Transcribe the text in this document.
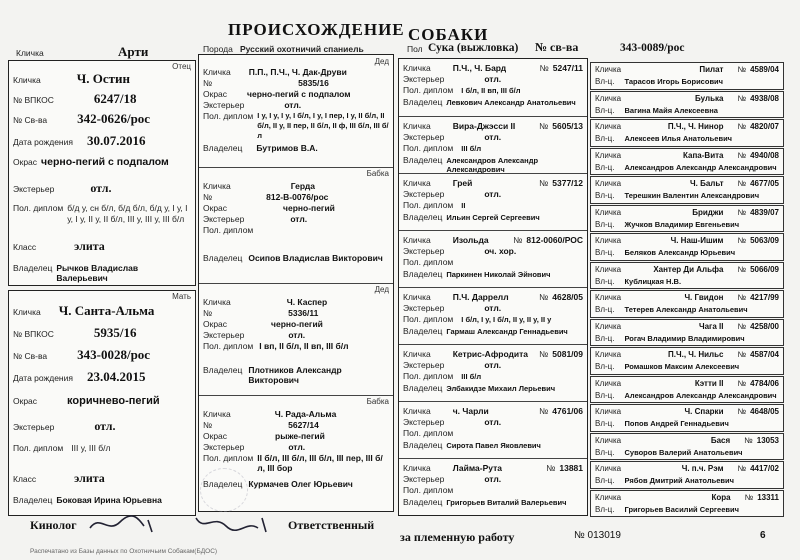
ПРОИСХОЖДЕНИЕ СОБАКИ
Кличка	Арти	Порода Русский охотничий спаниель	Пол Сука (выжловка) № св-ва	343-0089/рос
Отец
Кличка	Ч. Остин
№ ВПКОС	6247/18
№ Св-ва 342-0626/рос
Дата рождения 30.07.2016
Окрас черно-пегий с подпалом
Экстерьер	отл.
Пол. диплом б/д у, сн б/л, б/д б/л, б/д у, I у, I у, I у, II у, II б/л, III у, III у, III б/л
Класс	элита
Владелец Рычков Владислав Валерьевич
Мать
Кличка Ч. Санта-Альма
№ ВПКОС	5935/16
№ Св-ва 343-0028/рос
Дата рождения 23.04.2015
Окрас	коричнево-пегий
Экстерьер	отл.
Пол. диплом III у, III б/л
Класс	элита
Владелец Боковая Ирина Юрьевна
Дед
Кличка П.П., П.Ч., Ч. Дак-Друви
№	5835/16
Окрас черно-пегий с подпалом
Экстерьер	отл.
Пол. диплом I у, I у, I у, I б/л, I у, I пер, I у, II б/л, II б/л, II у, II пер, II б/л, II ф, III б/л, III б/л
Владелец Бутримов В.А.
Бабка
Кличка	Герда
№	812-В-0076/рос
Окрас	черно-пегий
Экстерьер	отл.
Пол. диплом
Владелец Осипов Владислав Викторович
Дед
Кличка	Ч. Каспер
№	5336/11
Окрас	черно-пегий
Экстерьер	отл.
Пол. диплом I вп, II б/л, II вп, III б/л
Владелец Плотников Александр Викторович
Бабка
Кличка	Ч. Рада-Альма
№	5627/14
Окрас	рыже-пегий
Экстерьер	отл.
Пол. диплом II б/л, III б/л, III б/л, III пер, III б/л, III бор
Владелец Курмачев Олег Юрьевич
Кличка	П.Ч., Ч. Бард	№ 5247/11
Экстерьер	отл.
Пол. диплом I б/л, II вп, III б/л
Владелец Левкович Александр Анатольевич
Кличка	Вира-Джэсси II	№ 5605/13
Экстерьер	отл.
Пол. диплом III б/л
Владелец Александров Александр Александрович
Кличка	Грей	№ 5377/12
Экстерьер	отл.
Пол. диплом II
Владелец Ильин Сергей Сергеевич
Кличка	Изольда	№ 812-0060/РОС
Экстерьер	оч. хор.
Пол. диплом
Владелец Паркинен Николай Эйнович
Кличка	П.Ч. Даррелл	№ 4628/05
Экстерьер	отл.
Пол. диплом I б/л, I у, I б/л, II у, II у, II у
Владелец Гармаш Александр Геннадьевич
Кличка	Кетрис-Афродита № 5081/09
Экстерьер	отл.
Пол. диплом III б/л
Владелец Элбакидзе Михаил Лерьевич
Кличка	ч. Чарли	№ 4761/06
Экстерьер	отл.
Пол. диплом
Владелец Сирота Павел Яковлевич
Кличка	Лайма-Рута	№ 13881
Экстерьер	отл.
Пол. диплом
Владелец Григорьев Виталий Валерьевич
Кличка	Пилат № 4589/04
Вл-ц. Тарасов Игорь Борисович
Кличка	Булька № 4938/08
Вл-ц. Вагина Майя Алексеевна
Кличка	П.Ч., Ч. Нинор № 4820/07
Вл-ц. Алексеев Илья Анатольевич
Кличка	Капа-Вита № 4940/08
Вл-ц. Александров Александр Александрович
Кличка	Ч. Бальт № 4677/05
Вл-ц. Терешкин Валентин Александрович
Кличка	Бриджи № 4839/07
Вл-ц. Жучков Владимир Евгеньевич
Кличка	Ч. Наш-Ишим № 5063/09
Вл-ц. Беляков Александр Юрьевич
Кличка	Хантер Ди Альфа № 5066/09
Вл-ц. Кублицкая Н.В.
Кличка	Ч. Гвидон № 4217/99
Вл-ц. Тетерев Александр Анатольевич
Кличка	Чага II № 4258/00
Вл-ц. Рогач Владимир Владимирович
Кличка	П.Ч., Ч. Нильс № 4587/04
Вл-ц. Ромашков Максим Алексеевич
Кличка	Кэтти II № 4784/06
Вл-ц. Александров Александр Александрович
Кличка	Ч. Спарки № 4648/05
Вл-ц. Попов Андрей Геннадьевич
Кличка	Бася № 13053
Вл-ц. Суворов Валерий Анатольевич
Кличка	Ч. п.ч. Рэм № 4417/02
Вл-ц. Рябов Дмитрий Анатольевич
Кличка	Кора № 13311
Вл-ц. Григорьев Василий Сергеевич
Кинолог	Ответственный
за племенную работу	№ 013019	6
Распечатано из Базы данных по Охотничьим Собакам(БДОС)
